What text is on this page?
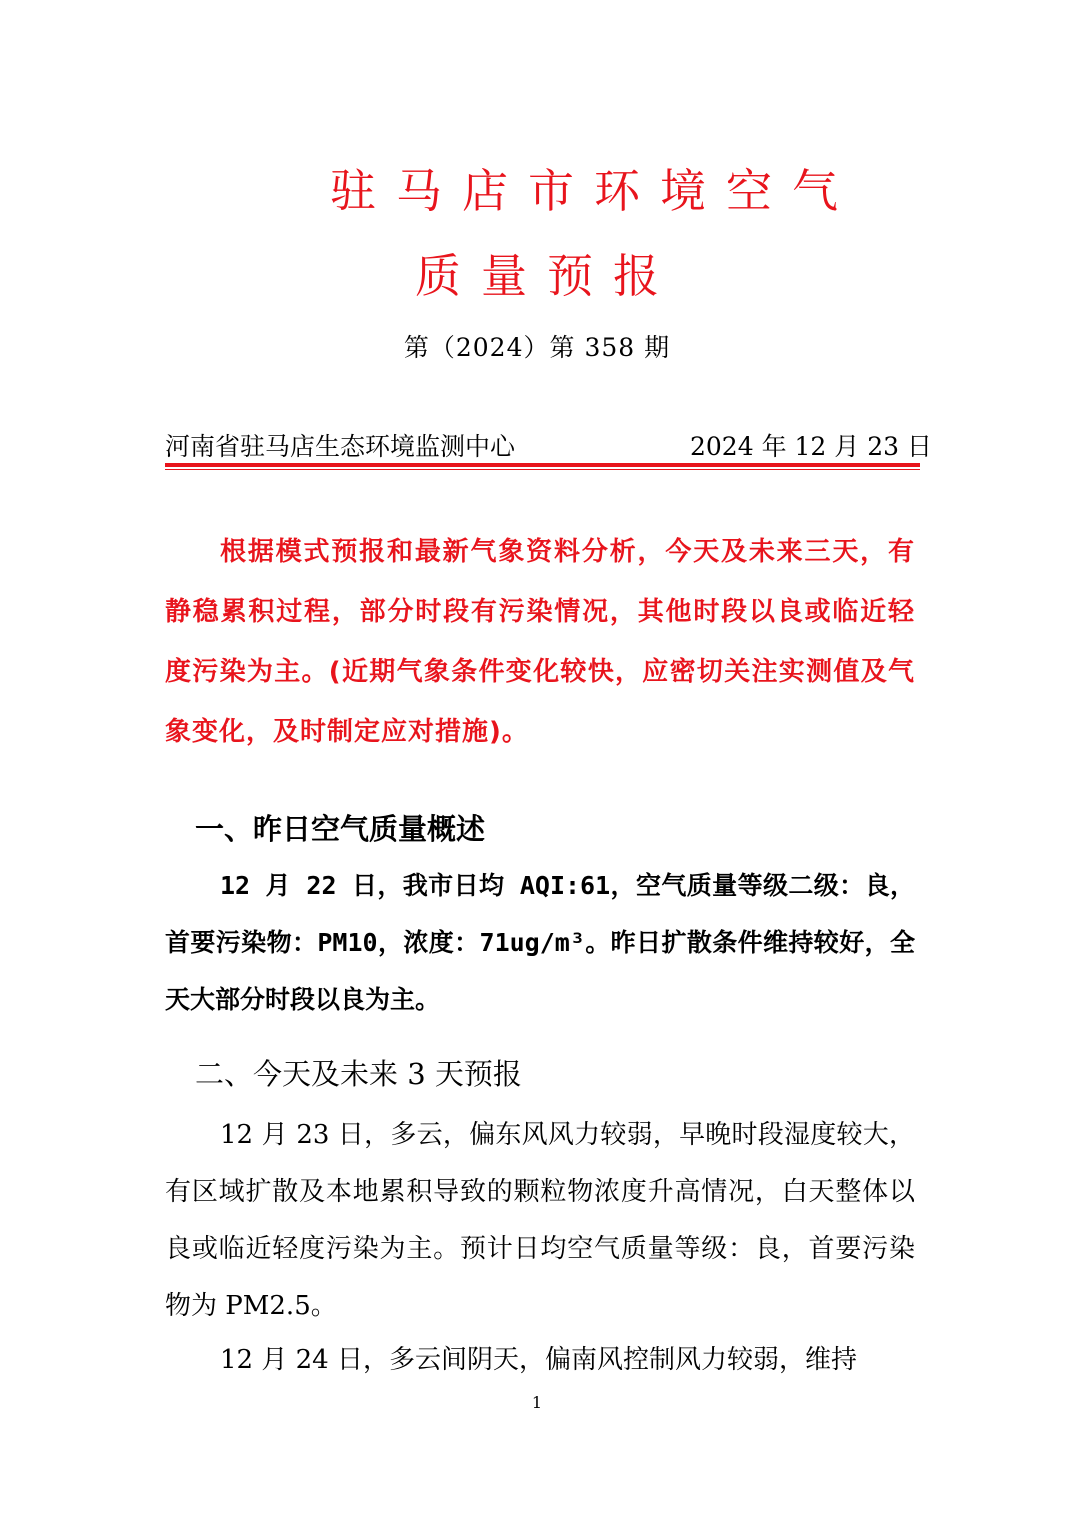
驻马店市环境空气
质量预报
第（2024）第 358 期
河南省驻马店生态环境监测中心	2024 年 12 月 23 日
根据模式预报和最新气象资料分析，今天及未来三天，有静稳累积过程，部分时段有污染情况，其他时段以良或临近轻度污染为主。(近期气象条件变化较快，应密切关注实测值及气象变化，及时制定应对措施)。
一、昨日空气质量概述
12 月 22 日，我市日均 AQI:61，空气质量等级二级：良，首要污染物：PM10，浓度：71ug/m³。昨日扩散条件维持较好，全天大部分时段以良为主。
二、今天及未来 3 天预报
12 月 23 日，多云，偏东风风力较弱，早晚时段湿度较大，有区域扩散及本地累积导致的颗粒物浓度升高情况，白天整体以良或临近轻度污染为主。预计日均空气质量等级：良，首要污染物为 PM2.5。
12 月 24 日，多云间阴天，偏南风控制风力较弱，维持
1
